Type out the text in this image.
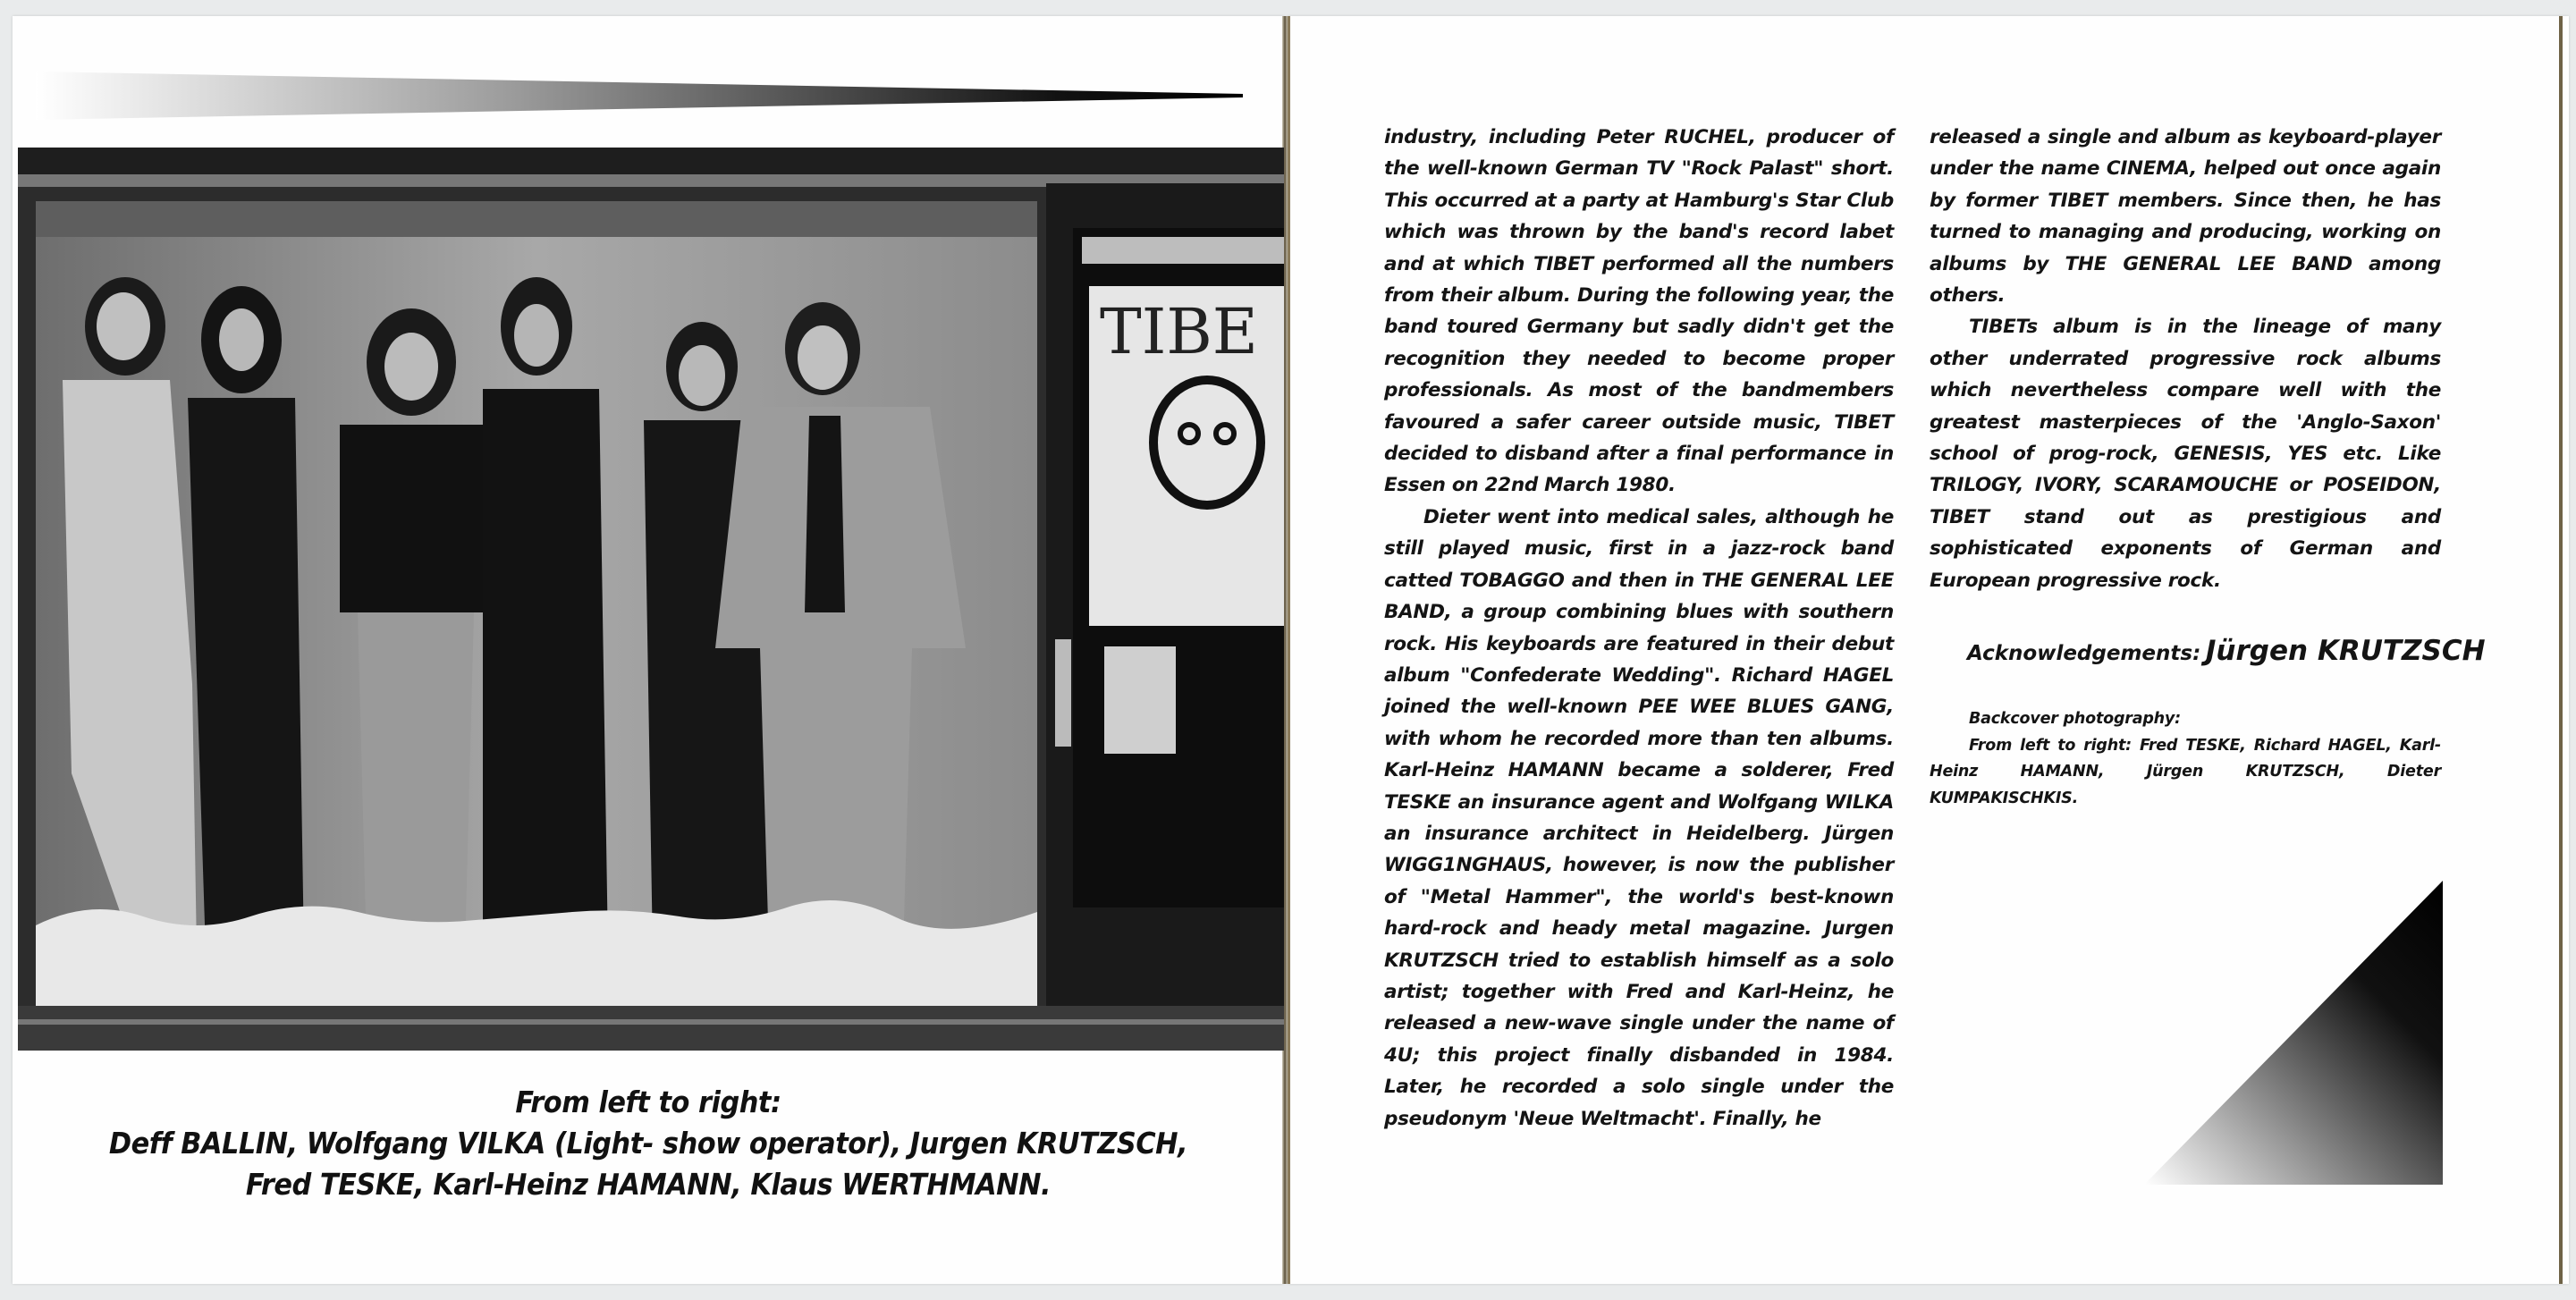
TIBE
From left to right:
Deff BALLIN, Wolfgang VILKA (Light- show operator), Jurgen KRUTZSCH,
Fred TESKE, Karl-Heinz HAMANN, Klaus WERTHMANN.

industry, including Peter RUCHEL, producer of the well-known German TV "Rock Palast" short. This occurred at a party at Hamburg's Star Club which was thrown by the band's record labet and at which TIBET performed all the numbers from their album. During the following year, the band toured Germany but sadly didn't get the recognition they needed to become proper professionals. As most of the bandmembers favoured a safer career outside music, TIBET decided to disband after a final performance in Essen on 22nd March 1980.

Dieter went into medical sales, although he still played music, first in a jazz-rock band catted TOBAGGO and then in THE GENERAL LEE BAND, a group combining blues with southern rock. His keyboards are featured in their debut album "Confederate Wedding". Richard HAGEL joined the well-known PEE WEE BLUES GANG, with whom he recorded more than ten albums. Karl-Heinz HAMANN became a solderer, Fred TESKE an insurance agent and Wolfgang WILKA an insurance architect in Heidelberg. Jürgen WIGG1NGHAUS, however, is now the publisher of "Metal Hammer", the world's best-known hard-rock and heady metal magazine. Jurgen KRUTZSCH tried to establish himself as a solo artist; together with Fred and Karl-Heinz, he released a new-wave single under the name of 4U; this project finally disbanded in 1984. Later, he recorded a solo single under the pseudonym 'Neue Weltmacht'. Finally, he

released a single and album as keyboard-player under the name CINEMA, helped out once again by former TIBET members. Since then, he has turned to managing and producing, working on albums by THE GENERAL LEE BAND among others.

TIBETs album is in the lineage of many other underrated progressive rock albums which nevertheless compare well with the greatest masterpieces of the 'Anglo-Saxon' school of prog-rock, GENESIS, YES etc. Like TRILOGY, IVORY, SCARAMOUCHE or POSEIDON, TIBET stand out as prestigious and sophisticated exponents of German and European progressive rock.

Acknowledgements: Jürgen KRUTZSCH

Backcover photography:

From left to right: Fred TESKE, Richard HAGEL, Karl-Heinz HAMANN, Jürgen KRUTZSCH, Dieter KUMPAKISCHKIS.
